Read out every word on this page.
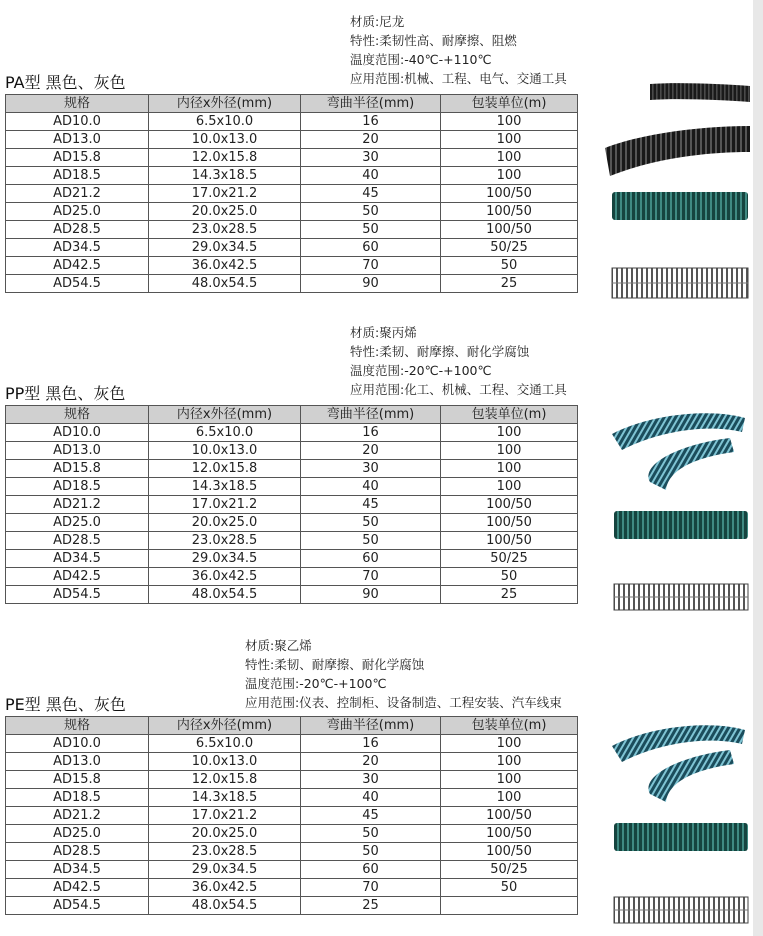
材质:尼龙
特性:柔韧性高、耐摩擦、阻燃
温度范围:-40℃-+110℃
应用范围:机械、工程、电气、交通工具
PA型 黑色、灰色
规格	内径x外径(mm)	弯曲半径(mm)	包装单位(m)
AD10.0	6.5x10.0	16	100
AD13.0	10.0x13.0	20	100
AD15.8	12.0x15.8	30	100
AD18.5	14.3x18.5	40	100
AD21.2	17.0x21.2	45	100/50
AD25.0	20.0x25.0	50	100/50
AD28.5	23.0x28.5	50	100/50
AD34.5	29.0x34.5	60	50/25
AD42.5	36.0x42.5	70	50
AD54.5	48.0x54.5	90	25
材质:聚丙烯
特性:柔韧、耐摩擦、耐化学腐蚀
温度范围:-20℃-+100℃
应用范围:化工、机械、工程、交通工具
PP型 黑色、灰色
规格	内径x外径(mm)	弯曲半径(mm)	包装单位(m)
AD10.0	6.5x10.0	16	100
AD13.0	10.0x13.0	20	100
AD15.8	12.0x15.8	30	100
AD18.5	14.3x18.5	40	100
AD21.2	17.0x21.2	45	100/50
AD25.0	20.0x25.0	50	100/50
AD28.5	23.0x28.5	50	100/50
AD34.5	29.0x34.5	60	50/25
AD42.5	36.0x42.5	70	50
AD54.5	48.0x54.5	90	25
材质:聚乙烯
特性:柔韧、耐摩擦、耐化学腐蚀
温度范围:-20℃-+100℃
应用范围:仪表、控制柜、设备制造、工程安装、汽车线束
PE型 黑色、灰色
规格	内径x外径(mm)	弯曲半径(mm)	包装单位(m)
AD10.0	6.5x10.0	16	100
AD13.0	10.0x13.0	20	100
AD15.8	12.0x15.8	30	100
AD18.5	14.3x18.5	40	100
AD21.2	17.0x21.2	45	100/50
AD25.0	20.0x25.0	50	100/50
AD28.5	23.0x28.5	50	100/50
AD34.5	29.0x34.5	60	50/25
AD42.5	36.0x42.5	70	50
AD54.5	48.0x54.5	25	
